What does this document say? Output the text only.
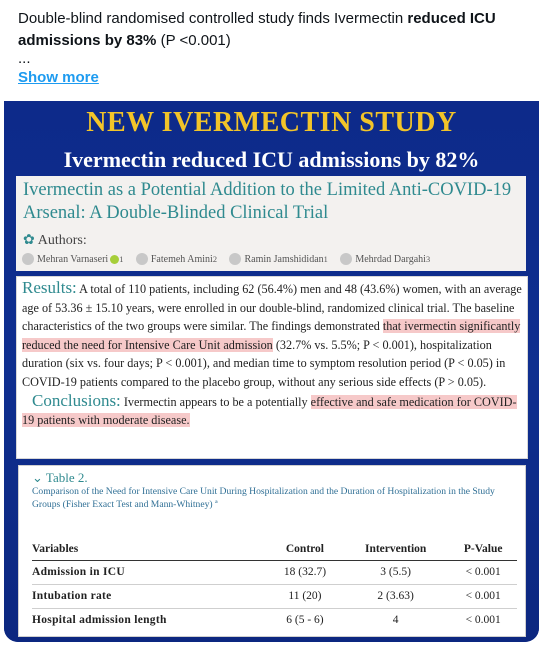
Double-blind randomised controlled study finds Ivermectin reduced ICU admissions by 83% (P <0.001)
...
Show more
NEW IVERMECTIN STUDY
Ivermectin reduced ICU admissions by 82%
Ivermectin as a Potential Addition to the Limited Anti-COVID-19 Arsenal: A Double-Blinded Clinical Trial
✿ Authors:
Mehran Varnaseri 1
	Fatemeh Amini 2
	Ramin Jamshididan 1
	Mehrdad Dargahi 3
Results: A total of 110 patients, including 62 (56.4%) men and 48 (43.6%) women, with an average age of 53.36 ± 15.10 years, were enrolled in our double-blind, randomized clinical trial. The baseline characteristics of the two groups were similar. The findings demonstrated that ivermectin significantly reduced the need for Intensive Care Unit admission (32.7% vs. 5.5%; P < 0.001), hospitalization duration (six vs. four days; P < 0.001), and median time to symptom resolution period (P < 0.05) in COVID-19 patients compared to the placebo group, without any serious side effects (P > 0.05).
Conclusions: Ivermectin appears to be a potentially effective and safe medication for COVID-19 patients with moderate disease.
⌄ Table 2.
Comparison of the Need for Intensive Care Unit During Hospitalization and the Duration of Hospitalization in the Study Groups (Fisher Exact Test and Mann-Whitney) ª
Variables	Control	Intervention	P-Value
Admission in ICU	18 (32.7)	3 (5.5)	< 0.001
Intubation rate	11 (20)	2 (3.63)	< 0.001
Hospital admission length	6 (5 - 6)	4	< 0.001
